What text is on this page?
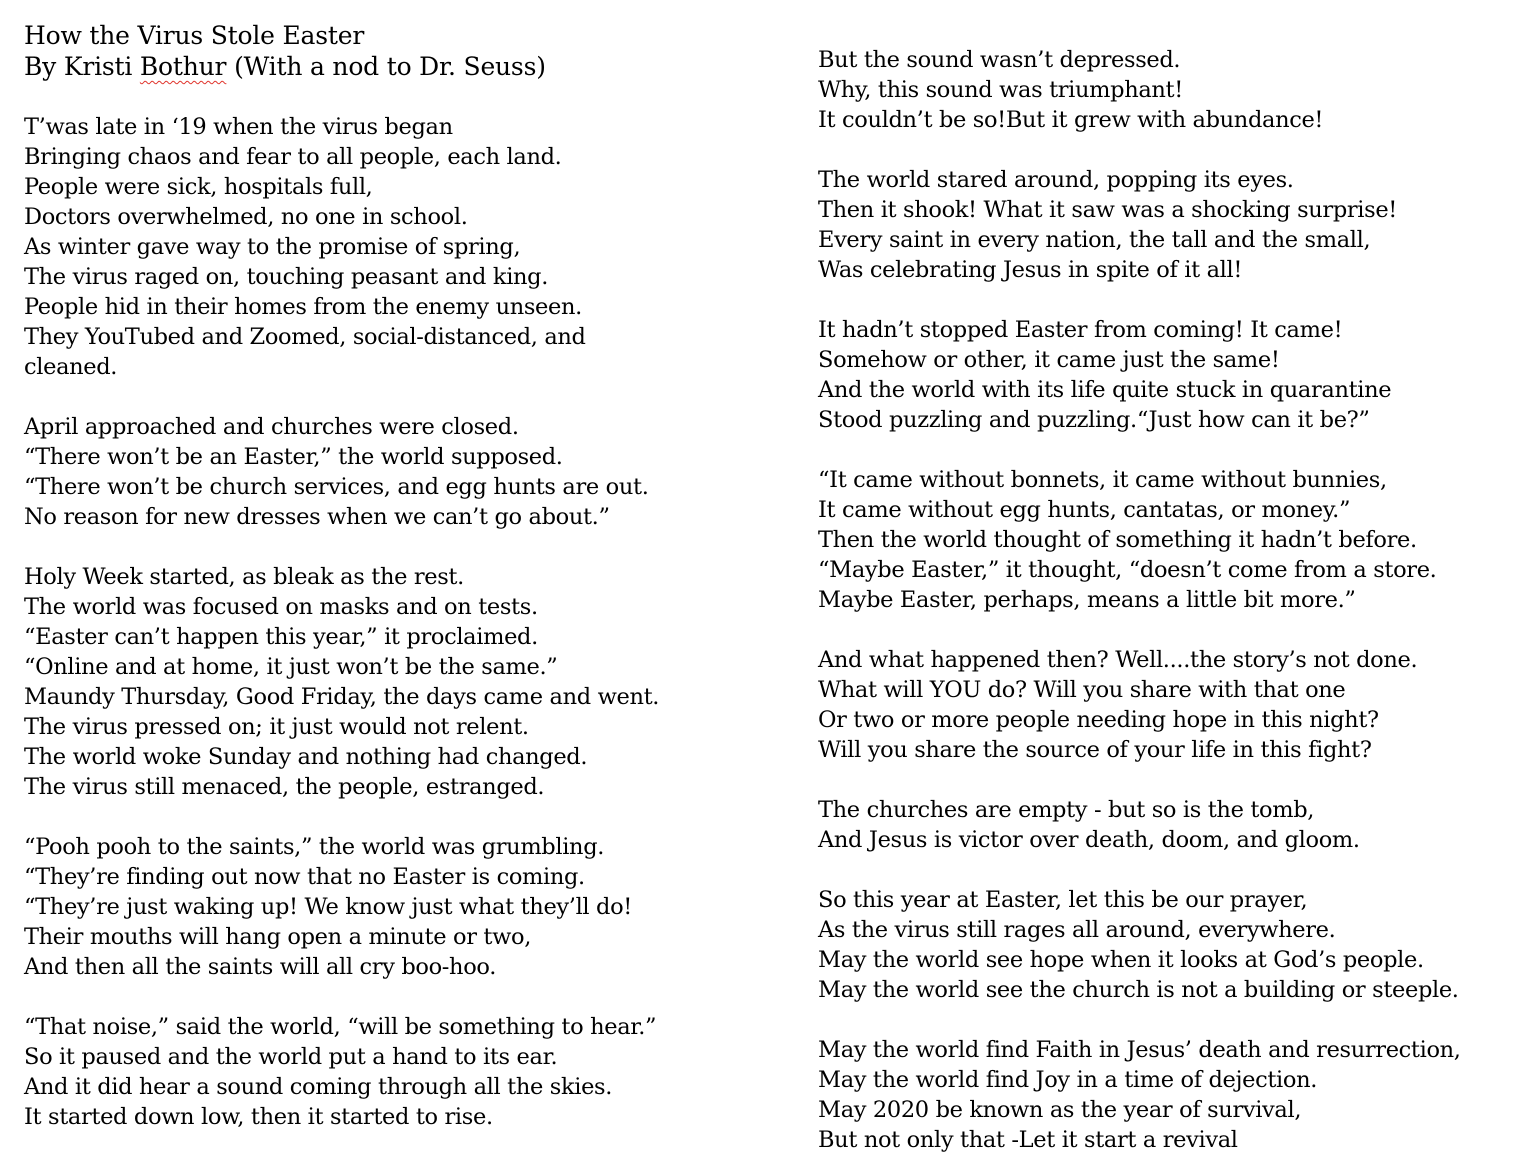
How the Virus Stole Easter
By Kristi Bothur (With a nod to Dr. Seuss)
T’was late in ‘19 when the virus began
Bringing chaos and fear to all people, each land.
People were sick, hospitals full,
Doctors overwhelmed, no one in school.
As winter gave way to the promise of spring,
The virus raged on, touching peasant and king.
People hid in their homes from the enemy unseen.
They YouTubed and Zoomed, social-distanced, and cleaned.
April approached and churches were closed.
“There won’t be an Easter,” the world supposed.
“There won’t be church services, and egg hunts are out.
No reason for new dresses when we can’t go about.”
Holy Week started, as bleak as the rest.
The world was focused on masks and on tests.
“Easter can’t happen this year,” it proclaimed.
“Online and at home, it just won’t be the same.”
Maundy Thursday, Good Friday, the days came and went.
The virus pressed on; it just would not relent.
The world woke Sunday and nothing had changed.
The virus still menaced, the people, estranged.
“Pooh pooh to the saints,” the world was grumbling.
“They’re finding out now that no Easter is coming.
“They’re just waking up! We know just what they’ll do!
Their mouths will hang open a minute or two,
And then all the saints will all cry boo-hoo.
“That noise,” said the world, “will be something to hear.”
So it paused and the world put a hand to its ear.
And it did hear a sound coming through all the skies.
It started down low, then it started to rise.
But the sound wasn’t depressed.
Why, this sound was triumphant!
It couldn’t be so!But it grew with abundance!
The world stared around, popping its eyes.
Then it shook! What it saw was a shocking surprise!
Every saint in every nation, the tall and the small,
Was celebrating Jesus in spite of it all!
It hadn’t stopped Easter from coming! It came!
Somehow or other, it came just the same!
And the world with its life quite stuck in quarantine
Stood puzzling and puzzling.“Just how can it be?”
“It came without bonnets, it came without bunnies,
It came without egg hunts, cantatas, or money.”
Then the world thought of something it hadn’t before.
“Maybe Easter,” it thought, “doesn’t come from a store.
Maybe Easter, perhaps, means a little bit more.”
And what happened then? Well....the story’s not done.
What will YOU do? Will you share with that one
Or two or more people needing hope in this night?
Will you share the source of your life in this fight?
The churches are empty - but so is the tomb,
And Jesus is victor over death, doom, and gloom.
So this year at Easter, let this be our prayer,
As the virus still rages all around, everywhere.
May the world see hope when it looks at God’s people.
May the world see the church is not a building or steeple.
May the world find Faith in Jesus’ death and resurrection,
May the world find Joy in a time of dejection.
May 2020 be known as the year of survival,
But not only that -Let it start a revival
